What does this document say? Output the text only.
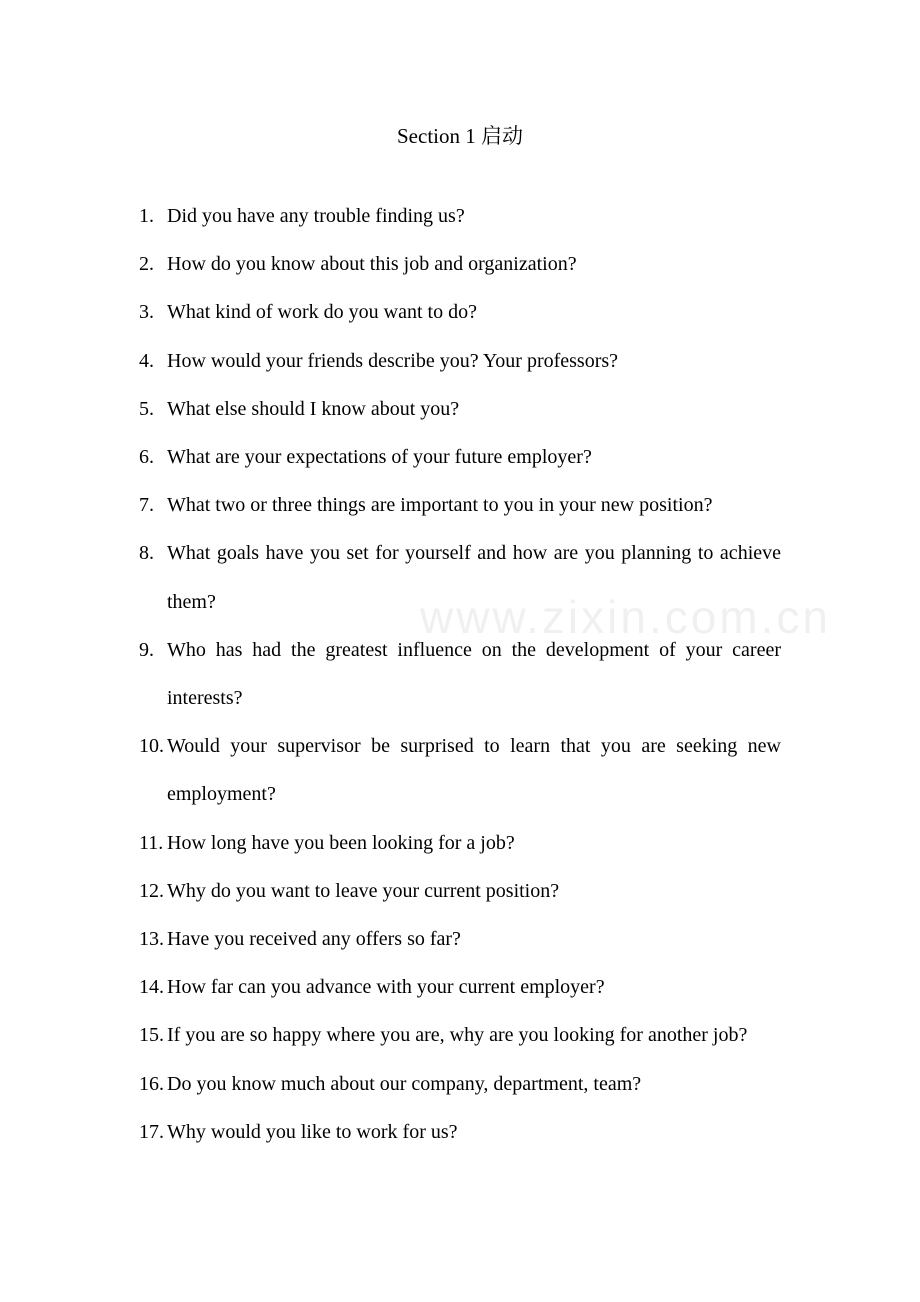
www.zixin.com.cn
Section 1 启动
1. Did you have any trouble finding us?
2. How do you know about this job and organization?
3. What kind of work do you want to do?
4. How would your friends describe you? Your professors?
5. What else should I know about you?
6. What are your expectations of your future employer?
7. What two or three things are important to you in your new position?
8. What goals have you set for yourself and how are you planning to achieve them?
9. Who has had the greatest influence on the development of your career interests?
10. Would your supervisor be surprised to learn that you are seeking new employment?
11. How long have you been looking for a job?
12. Why do you want to leave your current position?
13. Have you received any offers so far?
14. How far can you advance with your current employer?
15. If you are so happy where you are, why are you looking for another job?
16. Do you know much about our company, department, team?
17. Why would you like to work for us?
